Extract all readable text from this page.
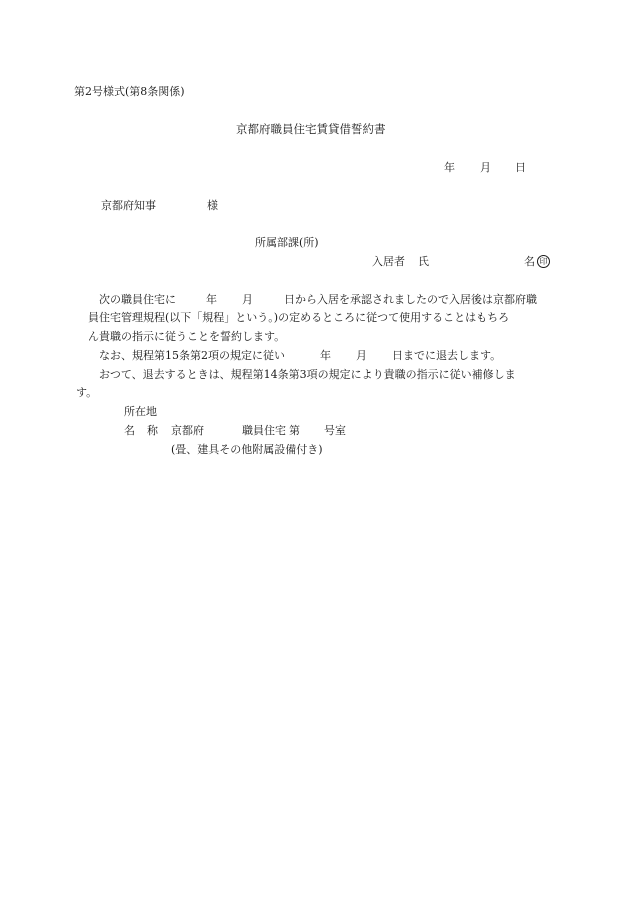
第2号様式(第8条関係)
京都府職員住宅賃貸借誓約書
年 月 日
京都府知事	様
所属部課(所)
入居者 氏	名 印
次の職員住宅に	年 月	日から入居を承認されましたので入居後は京都府職
員住宅管理規程(以下「規程」という。)の定めるところに従つて使用することはもちろ
ん貴職の指示に従うことを誓約します。
なお、規程第15条第2項の規定に従い	年 月 日までに退去します。
おつて、退去するときは、規程第14条第3項の規定により貴職の指示に従い補修しま
す。
所在地
名 称 京都府	職員住宅 第 号室
(畳、建具その他附属設備付き)
